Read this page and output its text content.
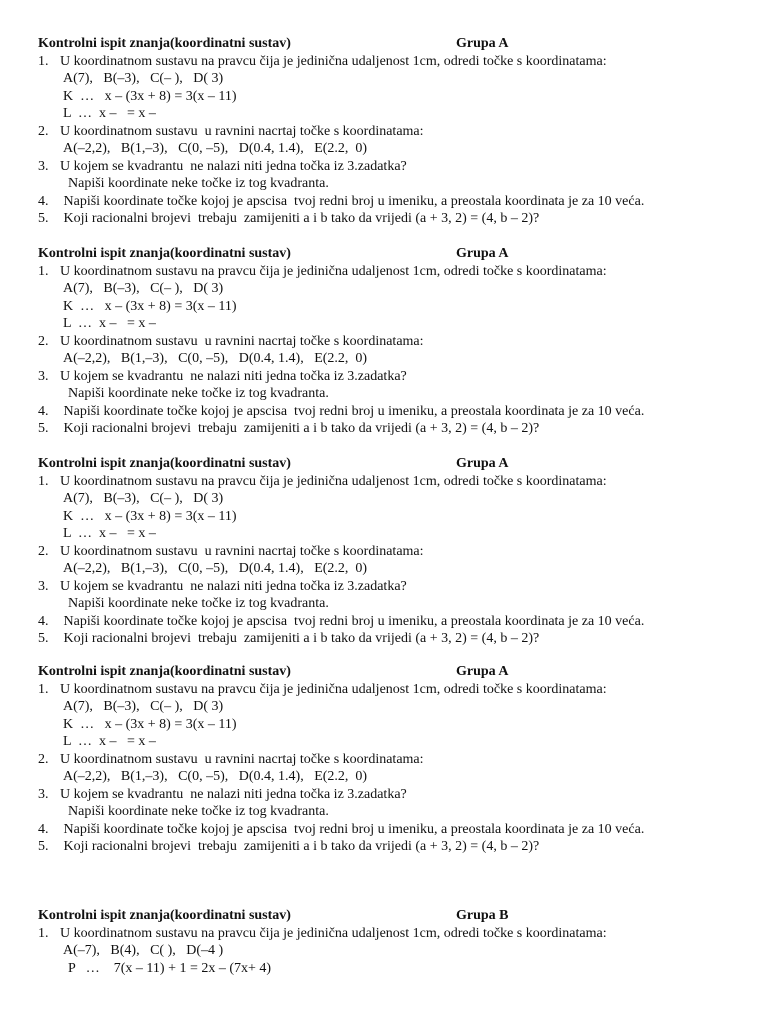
Kontrolni ispit znanja(koordinatni sustav)	Grupa A
1. U koordinatnom sustavu na pravcu čija je jedinična udaljenost 1cm, odredi točke s koordinatama:
A(7),   B(–3),   C(– ),   D( 3)
K  …   x – (3x + 8) = 3(x – 11)
L  …  x –   = x –
2. U koordinatnom sustavu  u ravnini nacrtaj točke s koordinatama:
A(–2,2),   B(1,–3),   C(0, –5),   D(0.4, 1.4),   E(2.2,  0)
3. U kojem se kvadrantu  ne nalazi niti jedna točka iz 3.zadatka?
Napiši koordinate neke točke iz tog kvadranta.
4. Napiši koordinate točke kojoj je apscisa  tvoj redni broj u imeniku, a preostala koordinata je za 10 veća.
5. Koji racionalni brojevi  trebaju  zamijeniti a i b tako da vrijedi (a + 3, 2) = (4, b – 2)?
Kontrolni ispit znanja(koordinatni sustav)	Grupa A
1. U koordinatnom sustavu na pravcu čija je jedinična udaljenost 1cm, odredi točke s koordinatama:
A(7),   B(–3),   C(– ),   D( 3)
K  …   x – (3x + 8) = 3(x – 11)
L  …  x –   = x –
2. U koordinatnom sustavu  u ravnini nacrtaj točke s koordinatama:
A(–2,2),   B(1,–3),   C(0, –5),   D(0.4, 1.4),   E(2.2,  0)
3. U kojem se kvadrantu  ne nalazi niti jedna točka iz 3.zadatka?
Napiši koordinate neke točke iz tog kvadranta.
4. Napiši koordinate točke kojoj je apscisa  tvoj redni broj u imeniku, a preostala koordinata je za 10 veća.
5. Koji racionalni brojevi  trebaju  zamijeniti a i b tako da vrijedi (a + 3, 2) = (4, b – 2)?
Kontrolni ispit znanja(koordinatni sustav)	Grupa A
1. U koordinatnom sustavu na pravcu čija je jedinična udaljenost 1cm, odredi točke s koordinatama:
A(7),   B(–3),   C(– ),   D( 3)
K  …   x – (3x + 8) = 3(x – 11)
L  …  x –   = x –
2. U koordinatnom sustavu  u ravnini nacrtaj točke s koordinatama:
A(–2,2),   B(1,–3),   C(0, –5),   D(0.4, 1.4),   E(2.2,  0)
3. U kojem se kvadrantu  ne nalazi niti jedna točka iz 3.zadatka?
Napiši koordinate neke točke iz tog kvadranta.
4. Napiši koordinate točke kojoj je apscisa  tvoj redni broj u imeniku, a preostala koordinata je za 10 veća.
5. Koji racionalni brojevi  trebaju  zamijeniti a i b tako da vrijedi (a + 3, 2) = (4, b – 2)?
Kontrolni ispit znanja(koordinatni sustav)	Grupa A
1. U koordinatnom sustavu na pravcu čija je jedinična udaljenost 1cm, odredi točke s koordinatama:
A(7),   B(–3),   C(– ),   D( 3)
K  …   x – (3x + 8) = 3(x – 11)
L  …  x –   = x –
2. U koordinatnom sustavu  u ravnini nacrtaj točke s koordinatama:
A(–2,2),   B(1,–3),   C(0, –5),   D(0.4, 1.4),   E(2.2,  0)
3. U kojem se kvadrantu  ne nalazi niti jedna točka iz 3.zadatka?
Napiši koordinate neke točke iz tog kvadranta.
4. Napiši koordinate točke kojoj je apscisa  tvoj redni broj u imeniku, a preostala koordinata je za 10 veća.
5. Koji racionalni brojevi  trebaju  zamijeniti a i b tako da vrijedi (a + 3, 2) = (4, b – 2)?
Kontrolni ispit znanja(koordinatni sustav)	Grupa B
1. U koordinatnom sustavu na pravcu čija je jedinična udaljenost 1cm, odredi točke s koordinatama:
A(–7),   B(4),   C( ),   D(–4 )
P   …    7(x – 11) + 1 = 2x – (7x+ 4)
